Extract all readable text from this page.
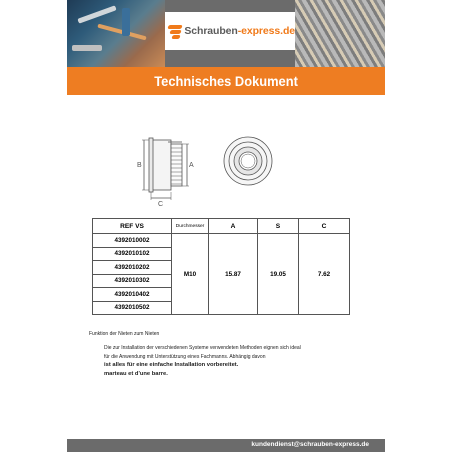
Schrauben-express.de
Technisches Dokument
B	A
C
REF VS	Durchmesser	A	S	C
4392010002	M10	15.87	19.05	7.62
4392010102				
4392010202				
4392010302				
4392010402				
4392010502				
Funktion der Nieten zum Nieten
Die zur Installation der verschiedenen Systeme verwendeten Methoden eignen sich ideal
für die Anwendung mit Unterstützung eines Fachmanns. Abhängig davon
ist alles für eine einfache Installation vorbereitet.
marteau et d'une barre.
kundendienst@schrauben-express.de
